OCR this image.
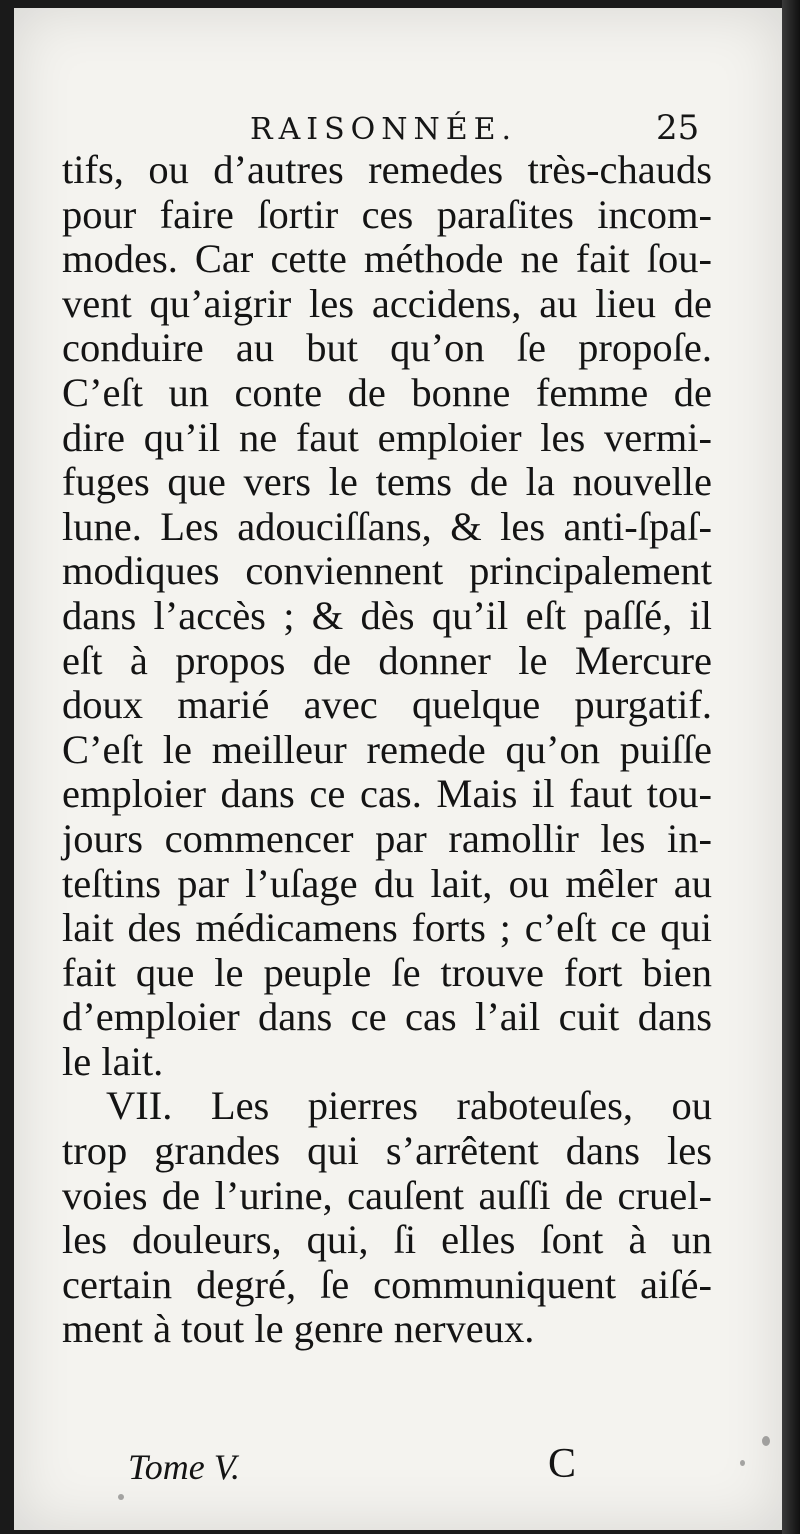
RAISONNÉE.	25
tifs, ou d’autres remedes très-chauds
pour faire ſortir ces paraſites incom-
modes. Car cette méthode ne fait ſou-
vent qu’aigrir les accidens, au lieu de
conduire au but qu’on ſe propoſe.
C’eſt un conte de bonne femme de
dire qu’il ne faut emploier les vermi-
fuges que vers le tems de la nouvelle
lune. Les adouciſſans, & les anti-ſpaſ-
modiques conviennent principalement
dans l’accès ; & dès qu’il eſt paſſé, il
eſt à propos de donner le Mercure
doux marié avec quelque purgatif.
C’eſt le meilleur remede qu’on puiſſe
emploier dans ce cas. Mais il faut tou-
jours commencer par ramollir les in-
teſtins par l’uſage du lait, ou mêler au
lait des médicamens forts ; c’eſt ce qui
fait que le peuple ſe trouve fort bien
d’emploier dans ce cas l’ail cuit dans
le lait.
VII. Les pierres raboteuſes, ou
trop grandes qui s’arrêtent dans les
voies de l’urine, cauſent auſſi de cruel-
les douleurs, qui, ſi elles ſont à un
certain degré, ſe communiquent aiſé-
ment à tout le genre nerveux.
Tome V.	C
